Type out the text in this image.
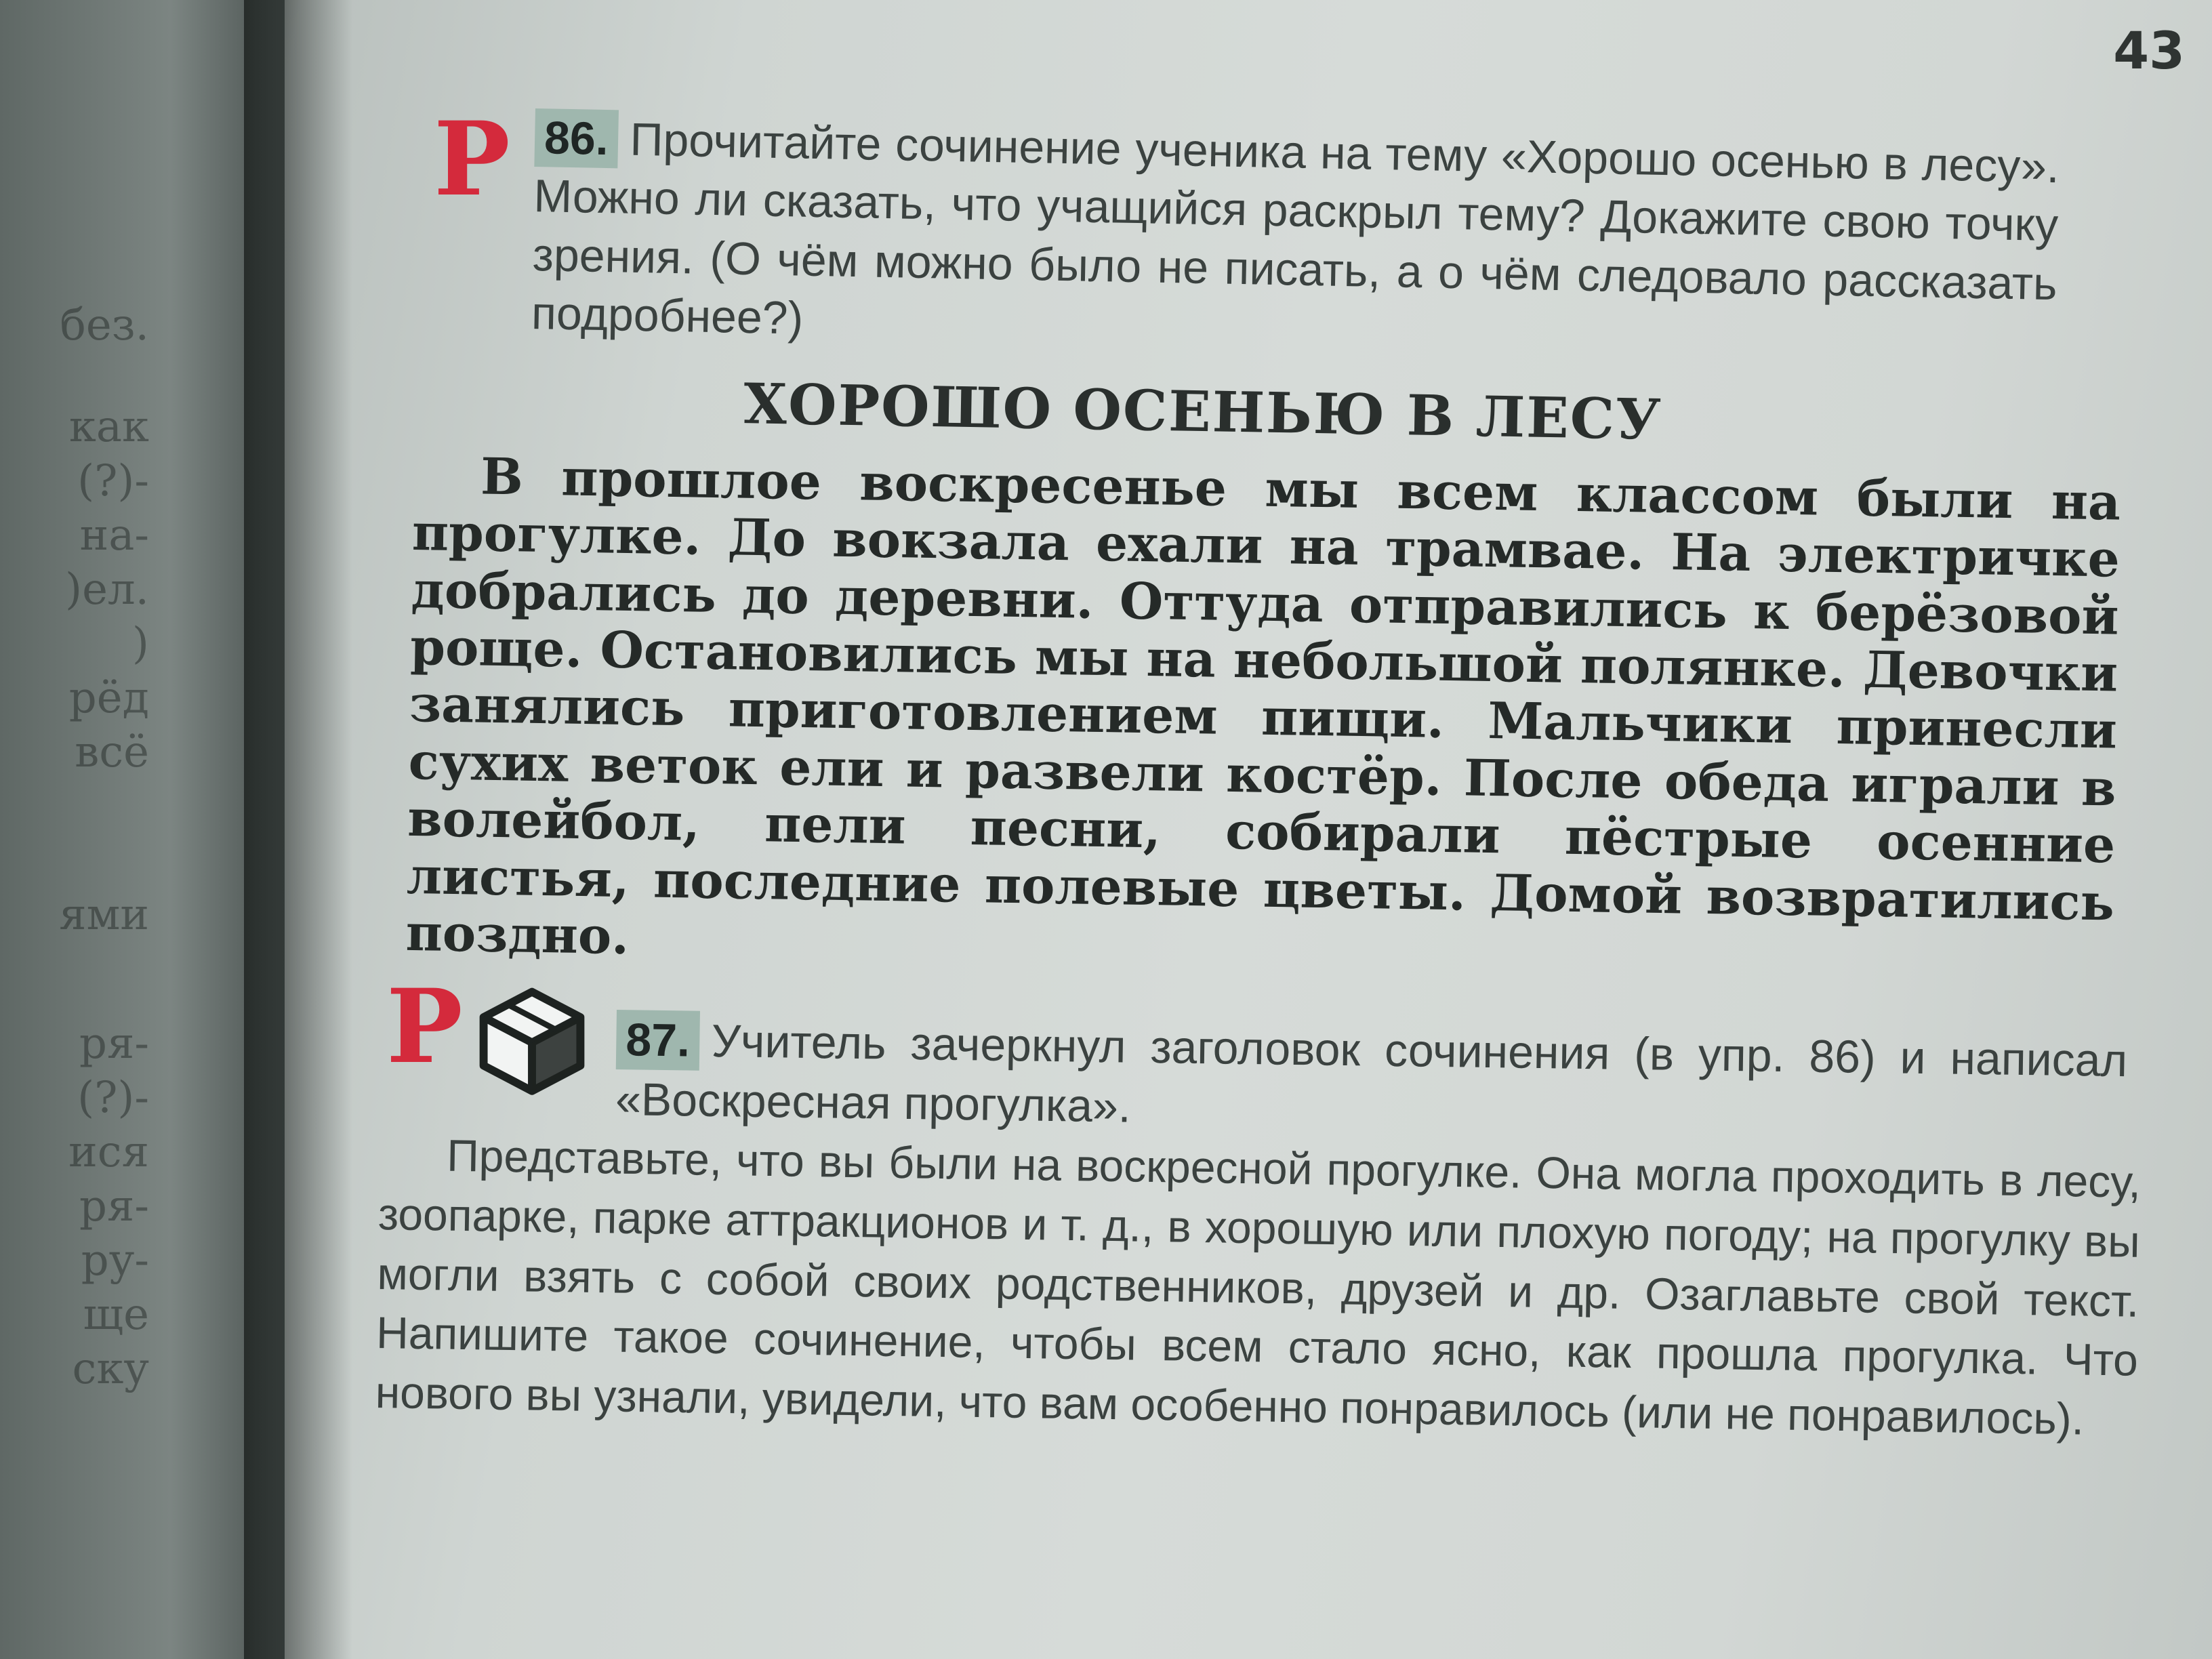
без.
как
(?)-
на-
)ел.
)
рёд
всё
ями
ря-
(?)-
ися
ря-
ру-
ще
ску
43
Р 86. Прочитайте сочинение ученика на тему «Хорошо осенью в лесу». Можно ли сказать, что учащийся раскрыл тему? Докажите свою точку зрения. (О чём можно было не писать, а о чём следовало рассказать подробнее?)
ХОРОШО ОСЕНЬЮ В ЛЕСУ
В прошлое воскресенье мы всем классом были на прогулке. До вокзала ехали на трамвае. На электричке добрались до деревни. Оттуда отправились к берёзовой роще. Остановились мы на небольшой полянке. Девочки занялись приготовлением пищи. Мальчики принесли сухих веток ели и развели костёр. После обеда играли в волейбол, пели песни, собирали пёстрые осенние листья, последние полевые цветы. Домой возвратились поздно.
Р	87. Учитель зачеркнул заголовок сочинения (в упр. 86) и написал «Воскресная прогулка».
Представьте, что вы были на воскресной прогулке. Она могла проходить в лесу, зоопарке, парке аттракционов и т. д., в хорошую или плохую погоду; на прогулку вы могли взять с собой своих родственников, друзей и др. Озаглавьте свой текст. Напишите такое сочинение, чтобы всем стало ясно, как прошла прогулка. Что нового вы узнали, увидели, что вам особенно понравилось (или не понравилось).
